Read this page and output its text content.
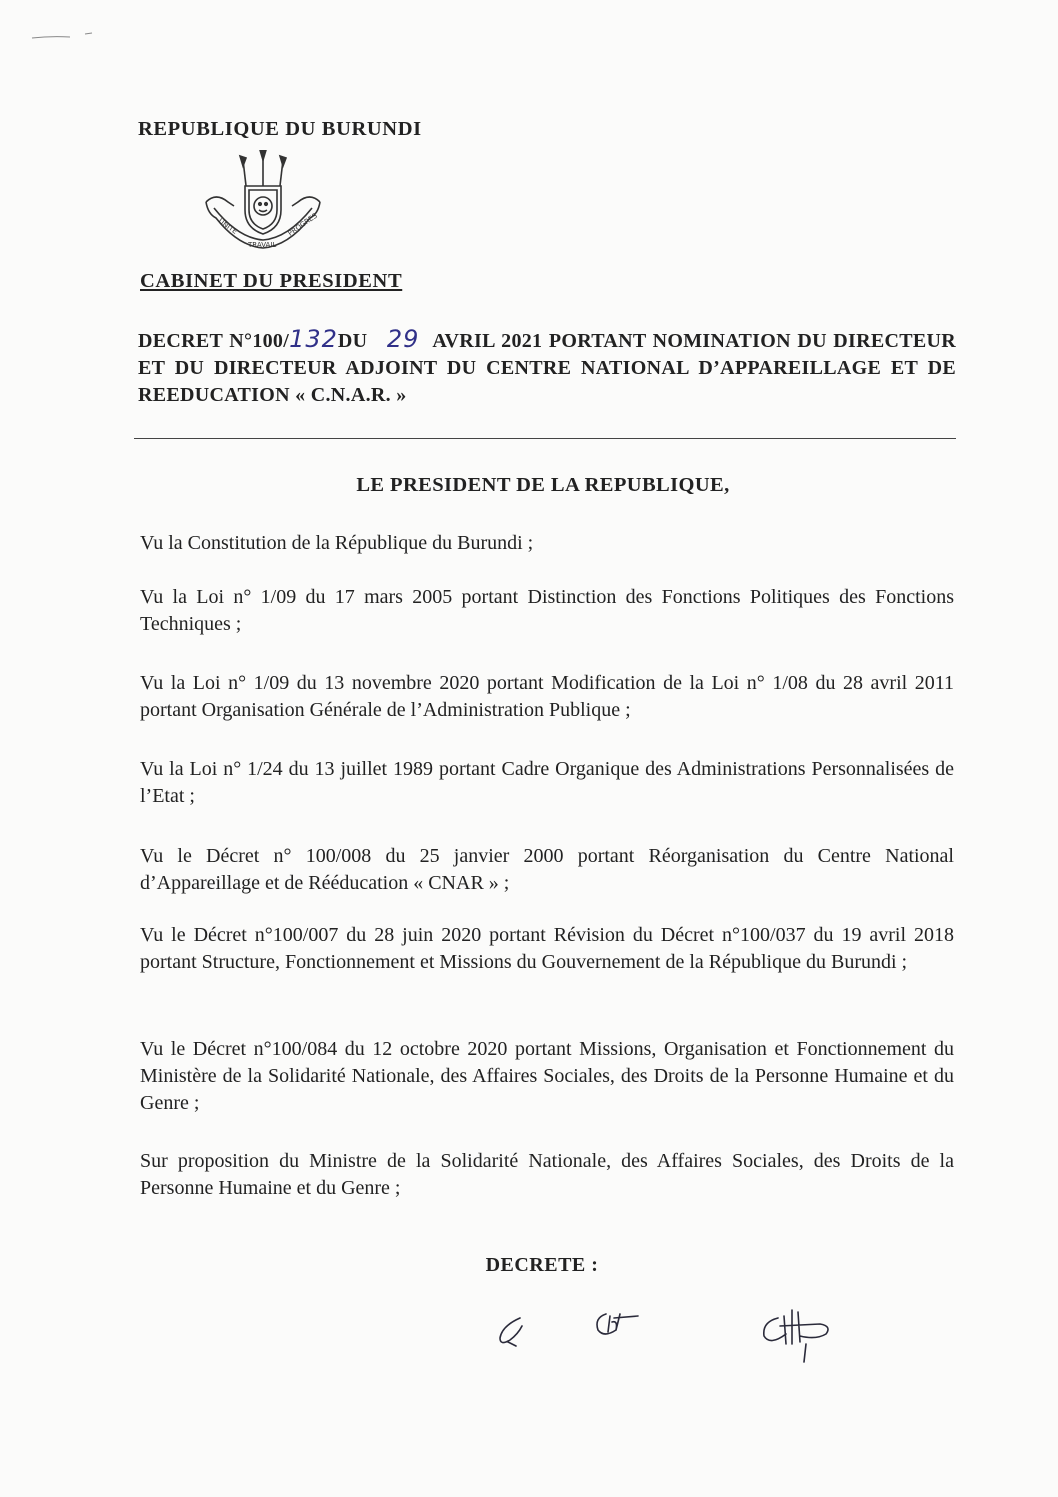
REPUBLIQUE DU BURUNDI
UNITE
TRAVAIL
PROGRES
CABINET DU PRESIDENT
DECRET N°100/132DU 29 AVRIL 2021 PORTANT NOMINATION DU DIRECTEUR ET DU DIRECTEUR ADJOINT DU CENTRE NATIONAL D’APPAREILLAGE ET DE REEDUCATION « C.N.A.R. »
LE PRESIDENT DE LA REPUBLIQUE,
Vu la Constitution de la République du Burundi ;
Vu la Loi n° 1/09 du 17 mars 2005 portant Distinction des Fonctions Politiques des Fonctions Techniques ;
Vu la Loi n° 1/09 du 13 novembre 2020 portant Modification de la Loi n° 1/08 du 28 avril 2011 portant Organisation Générale de l’Administration Publique ;
Vu la Loi n° 1/24 du 13 juillet 1989 portant Cadre Organique des Administrations Personnalisées de l’Etat ;
Vu le Décret n° 100/008 du 25 janvier 2000 portant Réorganisation du Centre National d’Appareillage et de Rééducation « CNAR » ;
Vu le Décret n°100/007 du 28 juin 2020 portant Révision du Décret n°100/037 du 19 avril 2018 portant Structure, Fonctionnement et Missions du Gouvernement de la République du Burundi ;
Vu le Décret n°100/084 du 12 octobre 2020 portant Missions, Organisation et Fonctionnement du Ministère de la Solidarité Nationale, des Affaires Sociales, des Droits de la Personne Humaine et du Genre ;
Sur proposition du Ministre de la Solidarité Nationale, des Affaires Sociales, des Droits de la Personne Humaine et du Genre ;
DECRETE :
